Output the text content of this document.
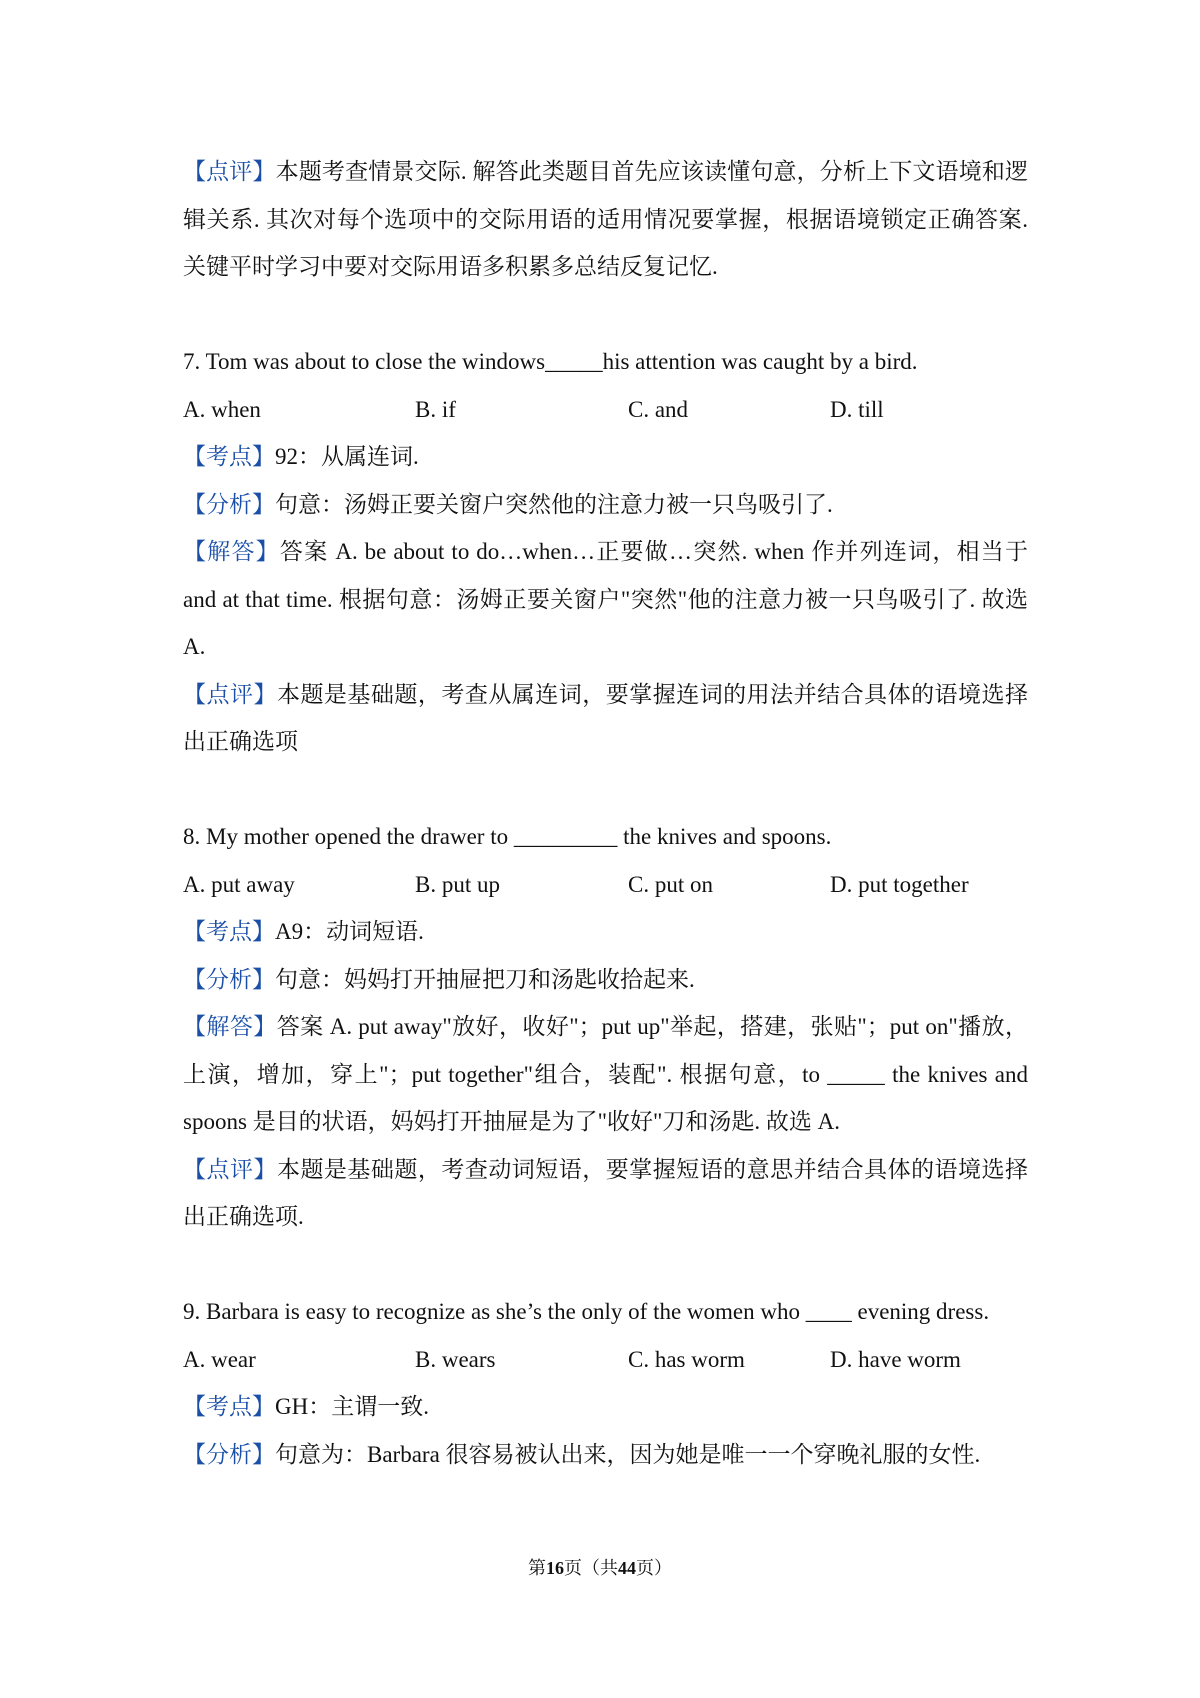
【点评】本题考查情景交际. 解答此类题目首先应该读懂句意，分析上下文语境和逻辑关系. 其次对每个选项中的交际用语的适用情况要掌握，根据语境锁定正确答案. 关键平时学习中要对交际用语多积累多总结反复记忆.

7. Tom was about to close the windows_____his attention was caught by a bird.

A. when	B. if	C. and	D. till

【考点】92：从属连词.

【分析】句意：汤姆正要关窗户突然他的注意力被一只鸟吸引了.

【解答】答案 A. be about to do…when…正要做…突然. when 作并列连词，相当于 and at that time. 根据句意：汤姆正要关窗户"突然"他的注意力被一只鸟吸引了. 故选 A.

【点评】本题是基础题，考查从属连词，要掌握连词的用法并结合具体的语境选择出正确选项

8. My mother opened the drawer to _________ the knives and spoons.

A. put away	B. put up	C. put on	D. put together

【考点】A9：动词短语.

【分析】句意：妈妈打开抽屉把刀和汤匙收拾起来.

【解答】答案 A. put away"放好，收好"；put up"举起，搭建，张贴"；put on"播放，上演，增加，穿上"；put together"组合，装配". 根据句意，to _____ the knives and spoons 是目的状语，妈妈打开抽屉是为了"收好"刀和汤匙. 故选 A.

【点评】本题是基础题，考查动词短语，要掌握短语的意思并结合具体的语境选择出正确选项.

9. Barbara is easy to recognize as she’s the only of the women who ____ evening dress.

A. wear	B. wears	C. has worm	D. have worm

【考点】GH：主谓一致.

【分析】句意为：Barbara 很容易被认出来，因为她是唯一一个穿晚礼服的女性.

第16页（共44页）
